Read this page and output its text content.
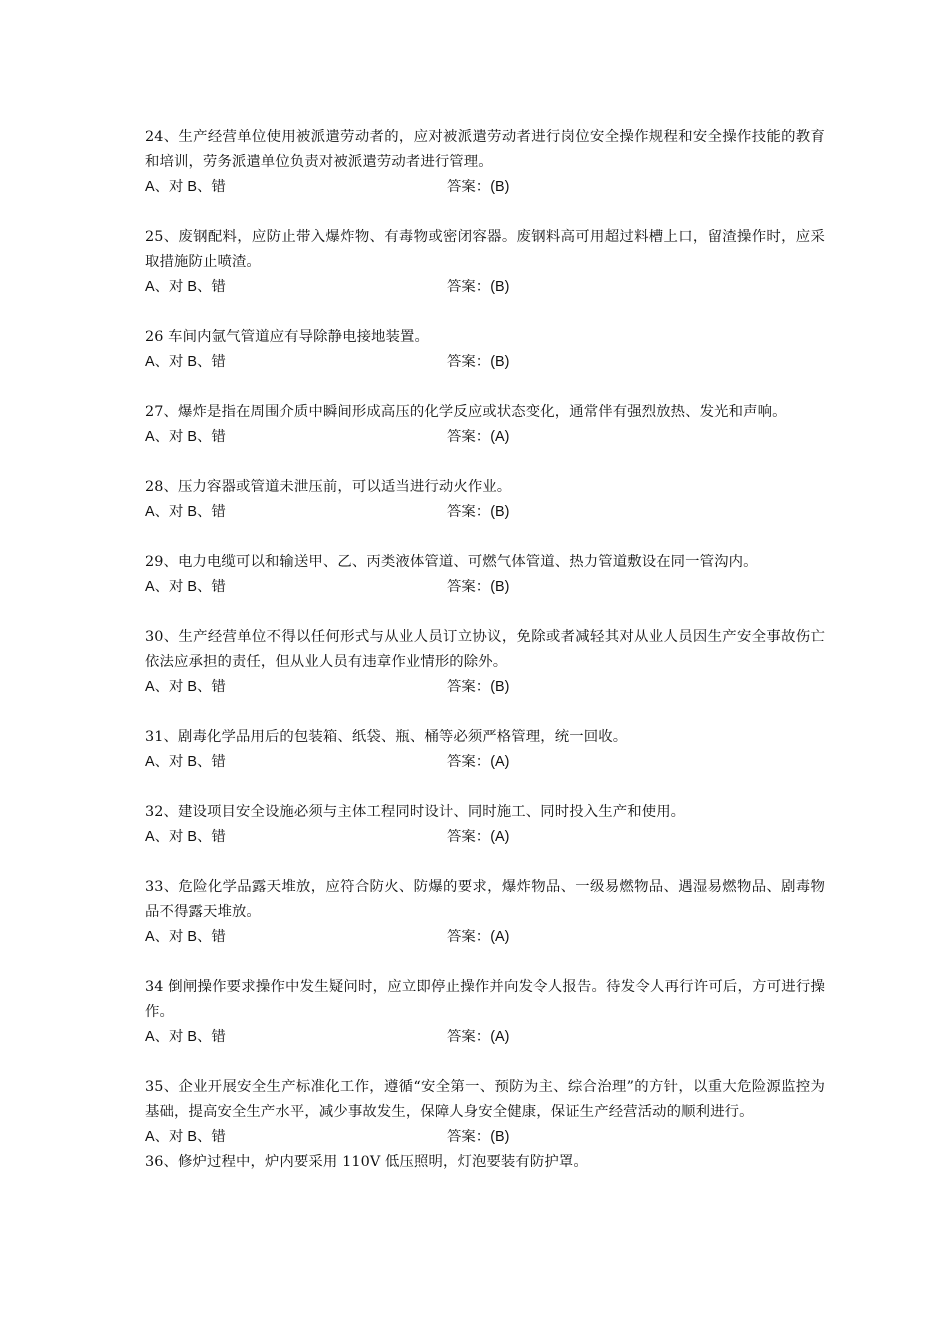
24、生产经营单位使用被派遣劳动者的，应对被派遣劳动者进行岗位安全操作规程和安全操作技能的教育和培训，劳务派遣单位负责对被派遣劳动者进行管理。

A、对 B、错	答案：(B)

25、废钢配料，应防止带入爆炸物、有毒物或密闭容器。废钢料高可用超过料槽上口，留渣操作时，应采取措施防止喷渣。

A、对 B、错	答案：(B)

26 车间内氩气管道应有导除静电接地装置。

A、对 B、错	答案：(B)

27、爆炸是指在周围介质中瞬间形成高压的化学反应或状态变化，通常伴有强烈放热、发光和声响。

A、对 B、错	答案：(A)

28、压力容器或管道未泄压前，可以适当进行动火作业。

A、对 B、错	答案：(B)

29、电力电缆可以和输送甲、乙、丙类液体管道、可燃气体管道、热力管道敷设在同一管沟内。

A、对 B、错	答案：(B)

30、生产经营单位不得以任何形式与从业人员订立协议，免除或者减轻其对从业人员因生产安全事故伤亡依法应承担的责任，但从业人员有违章作业情形的除外。

A、对 B、错	答案：(B)

31、剧毒化学品用后的包装箱、纸袋、瓶、桶等必须严格管理，统一回收。

A、对 B、错	答案：(A)

32、建设项目安全设施必须与主体工程同时设计、同时施工、同时投入生产和使用。

A、对 B、错	答案：(A)

33、危险化学品露天堆放，应符合防火、防爆的要求，爆炸物品、一级易燃物品、遇湿易燃物品、剧毒物品不得露天堆放。

A、对 B、错	答案：(A)

34 倒闸操作要求操作中发生疑问时，应立即停止操作并向发令人报告。待发令人再行许可后，方可进行操作。

A、对 B、错	答案：(A)

35、企业开展安全生产标准化工作，遵循“安全第一、预防为主、综合治理”的方针，以重大危险源监控为基础，提高安全生产水平，减少事故发生，保障人身安全健康，保证生产经营活动的顺利进行。

A、对 B、错	答案：(B)

36、修炉过程中，炉内要采用 110V 低压照明，灯泡要装有防护罩。
